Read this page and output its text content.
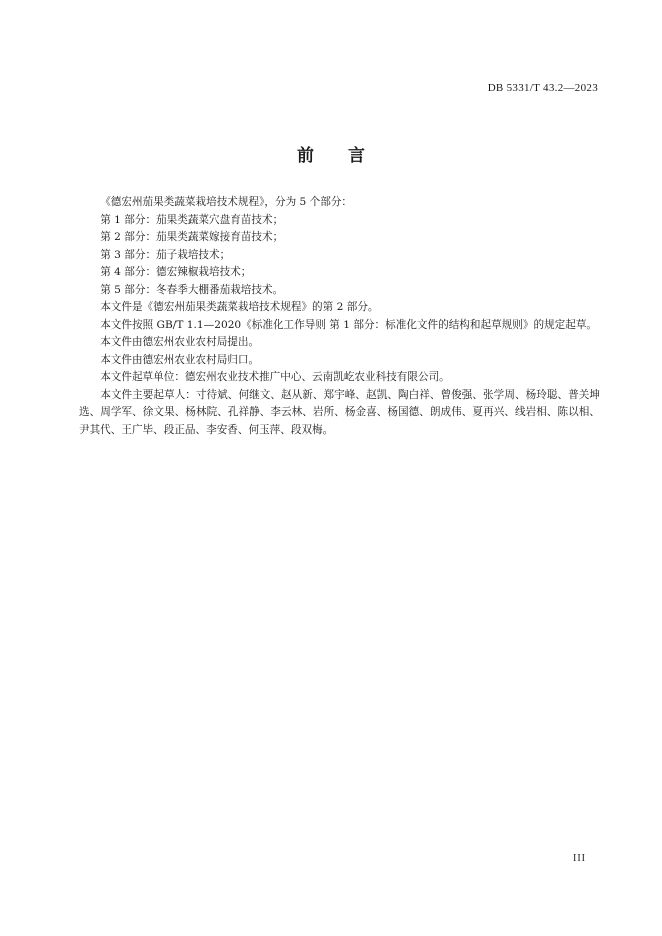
DB 5331/T 43.2—2023
前 言

《德宏州茄果类蔬菜栽培技术规程》，分为 5 个部分：

第 1 部分：茄果类蔬菜穴盘育苗技术；

第 2 部分：茄果类蔬菜嫁接育苗技术；

第 3 部分：茄子栽培技术；

第 4 部分：德宏辣椒栽培技术；

第 5 部分：冬春季大棚番茄栽培技术。

本文件是《德宏州茄果类蔬菜栽培技术规程》的第 2 部分。

本文件按照 GB/T 1.1—2020《标准化工作导则 第 1 部分：标准化文件的结构和起草规则》的规定起草。

本文件由德宏州农业农村局提出。

本文件由德宏州农业农村局归口。

本文件起草单位：德宏州农业技术推广中心、云南凯屹农业科技有限公司。

本文件主要起草人：寸待斌、何继文、赵从新、郑宇峰、赵凯、陶白祥、曾俊强、张学周、杨玲聪、普关坤选、周学军、徐文果、杨林院、孔祥静、李云林、岩所、杨金喜、杨国德、朗成伟、夏再兴、线岩相、陈以相、尹其代、王广毕、段正品、李安香、何玉萍、段双梅。

III
